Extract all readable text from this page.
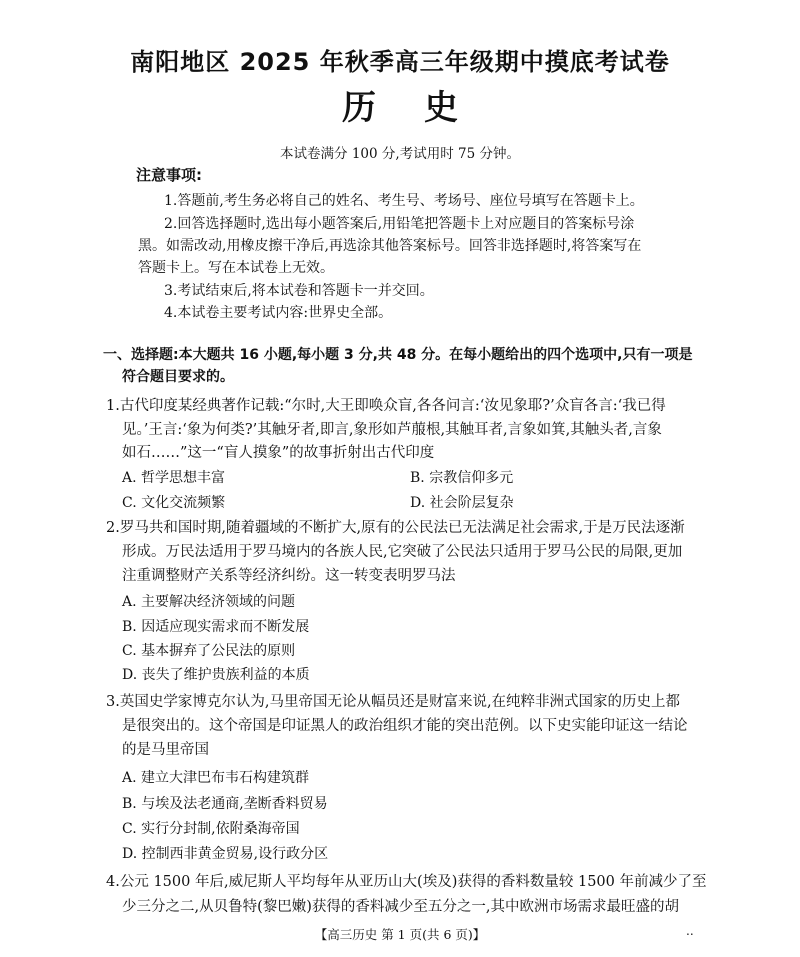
南阳地区 2025 年秋季高三年级期中摸底考试卷
历史
本试卷满分 100 分,考试用时 75 分钟。
注意事项:
1.答题前,考生务必将自己的姓名、考生号、考场号、座位号填写在答题卡上。
2.回答选择题时,选出每小题答案后,用铅笔把答题卡上对应题目的答案标号涂
黑。如需改动,用橡皮擦干净后,再选涂其他答案标号。回答非选择题时,将答案写在
答题卡上。写在本试卷上无效。
3.考试结束后,将本试卷和答题卡一并交回。
4.本试卷主要考试内容:世界史全部。
一、选择题:本大题共 16 小题,每小题 3 分,共 48 分。在每小题给出的四个选项中,只有一项是
符合题目要求的。
1.古代印度某经典著作记载:“尔时,大王即唤众盲,各各问言:‘汝见象耶?’众盲各言:‘我已得
见。’王言:‘象为何类?’其触牙者,即言,象形如芦菔根,其触耳者,言象如箕,其触头者,言象
如石……”这一“盲人摸象”的故事折射出古代印度
A. 哲学思想丰富	B. 宗教信仰多元
C. 文化交流频繁	D. 社会阶层复杂
2.罗马共和国时期,随着疆域的不断扩大,原有的公民法已无法满足社会需求,于是万民法逐渐
形成。万民法适用于罗马境内的各族人民,它突破了公民法只适用于罗马公民的局限,更加
注重调整财产关系等经济纠纷。这一转变表明罗马法
A. 主要解决经济领域的问题
B. 因适应现实需求而不断发展
C. 基本摒弃了公民法的原则
D. 丧失了维护贵族利益的本质
3.英国史学家博克尔认为,马里帝国无论从幅员还是财富来说,在纯粹非洲式国家的历史上都
是很突出的。这个帝国是印证黑人的政治组织才能的突出范例。以下史实能印证这一结论
的是马里帝国
A. 建立大津巴布韦石构建筑群
B. 与埃及法老通商,垄断香料贸易
C. 实行分封制,依附桑海帝国
D. 控制西非黄金贸易,设行政分区
4.公元 1500 年后,威尼斯人平均每年从亚历山大(埃及)获得的香料数量较 1500 年前减少了至
少三分之二,从贝鲁特(黎巴嫩)获得的香料减少至五分之一,其中欧洲市场需求最旺盛的胡
【高三历史 第 1 页(共 6 页)】	..
